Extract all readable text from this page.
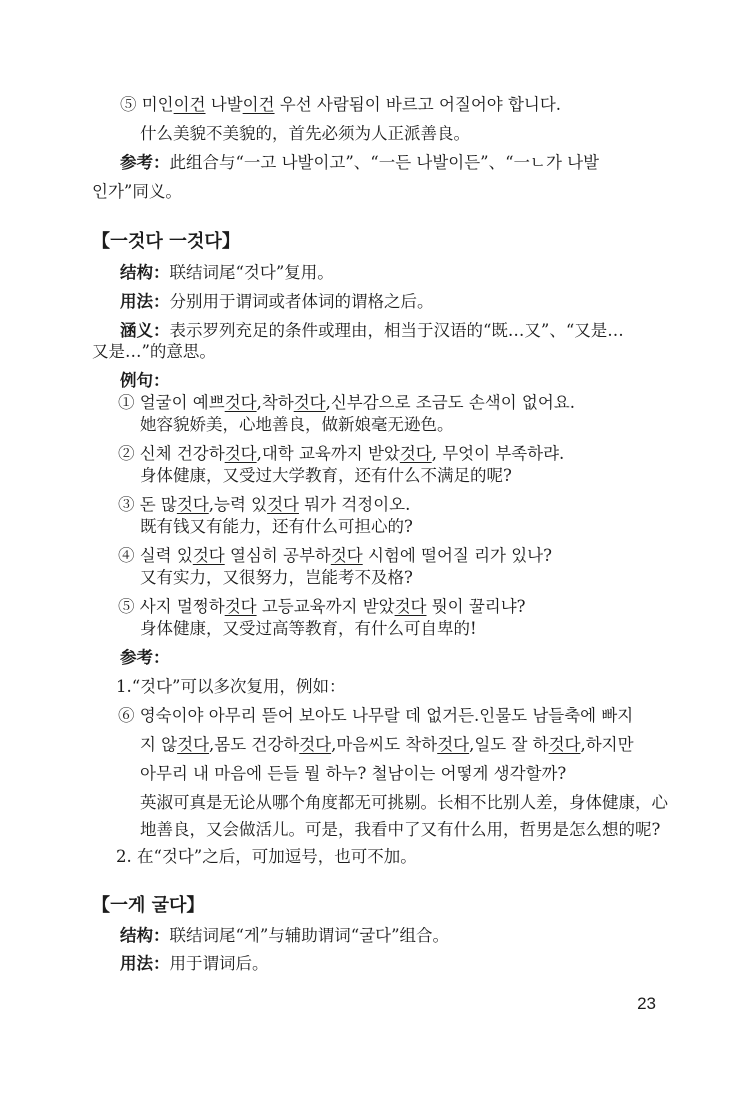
⑤ 미인이건 나발이건 우선 사람됨이 바르고 어질어야 합니다.
什么美貌不美貌的，首先必须为人正派善良。
参考：此组合与“一고 나발이고”、“一든 나발이든”、“一ㄴ가 나발
인가”同义。
【一것다 一것다】
结构：联结词尾“것다”复用。
用法：分别用于谓词或者体词的谓格之后。
涵义：表示罗列充足的条件或理由，相当于汉语的“既…又”、“又是…
又是…”的意思。
例句：
① 얼굴이 예쁘것다,착하것다,신부감으로 조금도 손색이 없어요.
她容貌娇美，心地善良，做新娘毫无逊色。
② 신체 건강하것다,대학 교육까지 받았것다, 무엇이 부족하랴.
身体健康，又受过大学教育，还有什么不满足的呢?
③ 돈 많것다,능력 있것다 뭐가 걱정이오.
既有钱又有能力，还有什么可担心的?
④ 실력 있것다 열심히 공부하것다 시험에 떨어질 리가 있나?
又有实力，又很努力，岂能考不及格?
⑤ 사지 멀쩡하것다 고등교육까지 받았것다 뭣이 꿀리냐?
身体健康，又受过高等教育，有什么可自卑的!
参考：
1.“것다”可以多次复用，例如：
⑥ 영숙이야 아무리 뜯어 보아도 나무랄 데 없거든.인물도 남들축에 빠지
지 않것다,몸도 건강하것다,마음씨도 착하것다,일도 잘 하것다,하지만
아무리 내 마음에 든들 뭘 하누? 철남이는 어떻게 생각할까?
英淑可真是无论从哪个角度都无可挑剔。长相不比别人差，身体健康，心
地善良，又会做活儿。可是，我看中了又有什么用，哲男是怎么想的呢?
2. 在“것다”之后，可加逗号，也可不加。
【一게 굴다】
结构：联结词尾“게”与辅助谓词“굴다”组合。
用法：用于谓词后。
23
